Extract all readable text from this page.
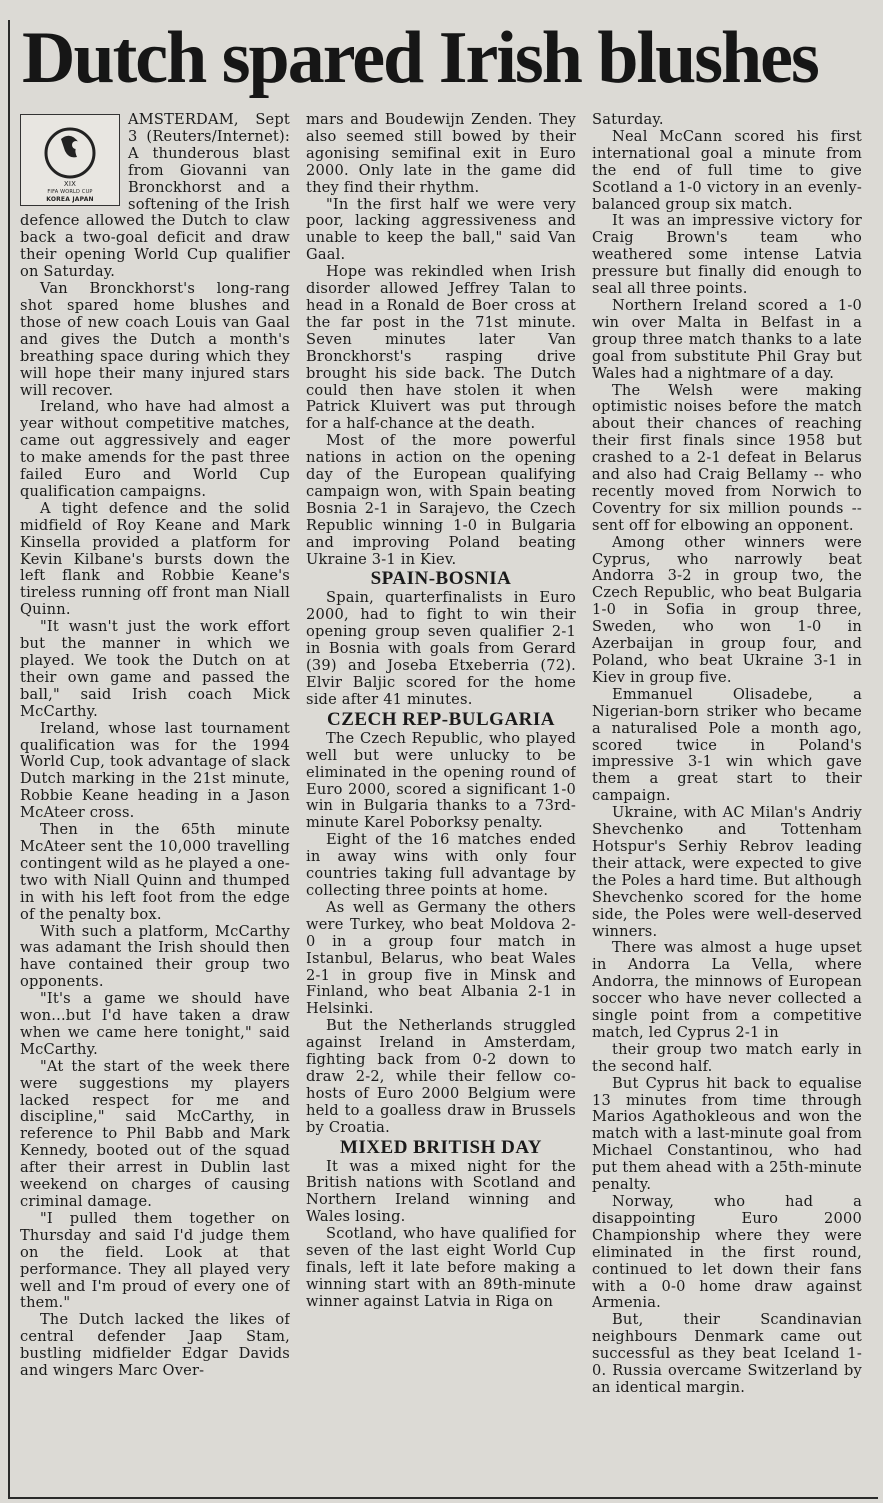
Dutch spared Irish blushes
XIX
FIFA WORLD CUP
KOREA JAPAN

AMSTERDAM, Sept 3 (Reuters/Internet): A thunderous blast from Giovanni van Bronckhorst and a softening of the Irish defence allowed the Dutch to claw back a two-goal deficit and draw their opening World Cup qualifier on Saturday.

Van Bronckhorst's long-rang shot spared home blushes and those of new coach Louis van Gaal and gives the Dutch a month's breathing space during which they will hope their many injured stars will recover.

Ireland, who have had almost a year without competitive matches, came out aggressively and eager to make amends for the past three failed Euro and World Cup qualification campaigns.

A tight defence and the solid midfield of Roy Keane and Mark Kinsella provided a platform for Kevin Kilbane's bursts down the left flank and Robbie Keane's tireless running off front man Niall Quinn.

"It wasn't just the work effort but the manner in which we played. We took the Dutch on at their own game and passed the ball," said Irish coach Mick McCarthy.

Ireland, whose last tournament qualification was for the 1994 World Cup, took advantage of slack Dutch marking in the 21st minute, Robbie Keane heading in a Jason McAteer cross.

Then in the 65th minute McAteer sent the 10,000 travelling contingent wild as he played a one-two with Niall Quinn and thumped in with his left foot from the edge of the penalty box.

With such a platform, McCarthy was adamant the Irish should then have contained their group two opponents.

"It's a game we should have won...but I'd have taken a draw when we came here tonight," said McCarthy.

"At the start of the week there were suggestions my players lacked respect for me and discipline," said McCarthy, in reference to Phil Babb and Mark Kennedy, booted out of the squad after their arrest in Dublin last weekend on charges of causing criminal damage.

"I pulled them together on Thursday and said I'd judge them on the field. Look at that performance. They all played very well and I'm proud of every one of them."

The Dutch lacked the likes of central defender Jaap Stam, bustling midfielder Edgar Davids and wingers Marc Over-

mars and Boudewijn Zenden. They also seemed still bowed by their agonising semifinal exit in Euro 2000. Only late in the game did they find their rhythm.

"In the first half we were very poor, lacking aggressiveness and unable to keep the ball," said Van Gaal.

Hope was rekindled when Irish disorder allowed Jeffrey Talan to head in a Ronald de Boer cross at the far post in the 71st minute. Seven minutes later Van Bronckhorst's rasping drive brought his side back. The Dutch could then have stolen it when Patrick Kluivert was put through for a half-chance at the death.

Most of the more powerful nations in action on the opening day of the European qualifying campaign won, with Spain beating Bosnia 2-1 in Sarajevo, the Czech Republic winning 1-0 in Bulgaria and improving Poland beating Ukraine 3-1 in Kiev.

SPAIN-BOSNIA

Spain, quarterfinalists in Euro 2000, had to fight to win their opening group seven qualifier 2-1 in Bosnia with goals from Gerard (39) and Joseba Etxeberria (72). Elvir Baljic scored for the home side after 41 minutes.

CZECH REP-BULGARIA

The Czech Republic, who played well but were unlucky to be eliminated in the opening round of Euro 2000, scored a significant 1-0 win in Bulgaria thanks to a 73rd-minute Karel Poborksy penalty.

Eight of the 16 matches ended in away wins with only four countries taking full advantage by collecting three points at home.

As well as Germany the others were Turkey, who beat Moldova 2-0 in a group four match in Istanbul, Belarus, who beat Wales 2-1 in group five in Minsk and Finland, who beat Albania 2-1 in Helsinki.

But the Netherlands struggled against Ireland in Amsterdam, fighting back from 0-2 down to draw 2-2, while their fellow co-hosts of Euro 2000 Belgium were held to a goalless draw in Brussels by Croatia.

MIXED BRITISH DAY

It was a mixed night for the British nations with Scotland and Northern Ireland winning and Wales losing.

Scotland, who have qualified for seven of the last eight World Cup finals, left it late before making a winning start with an 89th-minute winner against Latvia in Riga on

Saturday.

Neal McCann scored his first international goal a minute from the end of full time to give Scotland a 1-0 victory in an evenly-balanced group six match.

It was an impressive victory for Craig Brown's team who weathered some intense Latvia pressure but finally did enough to seal all three points.

Northern Ireland scored a 1-0 win over Malta in Belfast in a group three match thanks to a late goal from substitute Phil Gray but Wales had a nightmare of a day.

The Welsh were making optimistic noises before the match about their chances of reaching their first finals since 1958 but crashed to a 2-1 defeat in Belarus and also had Craig Bellamy -- who recently moved from Norwich to Coventry for six million pounds -- sent off for elbowing an opponent.

Among other winners were Cyprus, who narrowly beat Andorra 3-2 in group two, the Czech Republic, who beat Bulgaria 1-0 in Sofia in group three, Sweden, who won 1-0 in Azerbaijan in group four, and Poland, who beat Ukraine 3-1 in Kiev in group five.

Emmanuel Olisadebe, a Nigerian-born striker who became a naturalised Pole a month ago, scored twice in Poland's impressive 3-1 win which gave them a great start to their campaign.

Ukraine, with AC Milan's Andriy Shevchenko and Tottenham Hotspur's Serhiy Rebrov leading their attack, were expected to give the Poles a hard time. But although Shevchenko scored for the home side, the Poles were well-deserved winners.

There was almost a huge upset in Andorra La Vella, where Andorra, the minnows of European soccer who have never collected a single point from a competitive match, led Cyprus 2-1 in

their group two match early in the second half.

But Cyprus hit back to equalise 13 minutes from time through Marios Agathokleous and won the match with a last-minute goal from Michael Constantinou, who had put them ahead with a 25th-minute penalty.

Norway, who had a disappointing Euro 2000 Championship where they were eliminated in the first round, continued to let down their fans with a 0-0 home draw against Armenia.

But, their Scandinavian neighbours Denmark came out successful as they beat Iceland 1-0. Russia overcame Switzerland by an identical margin.
